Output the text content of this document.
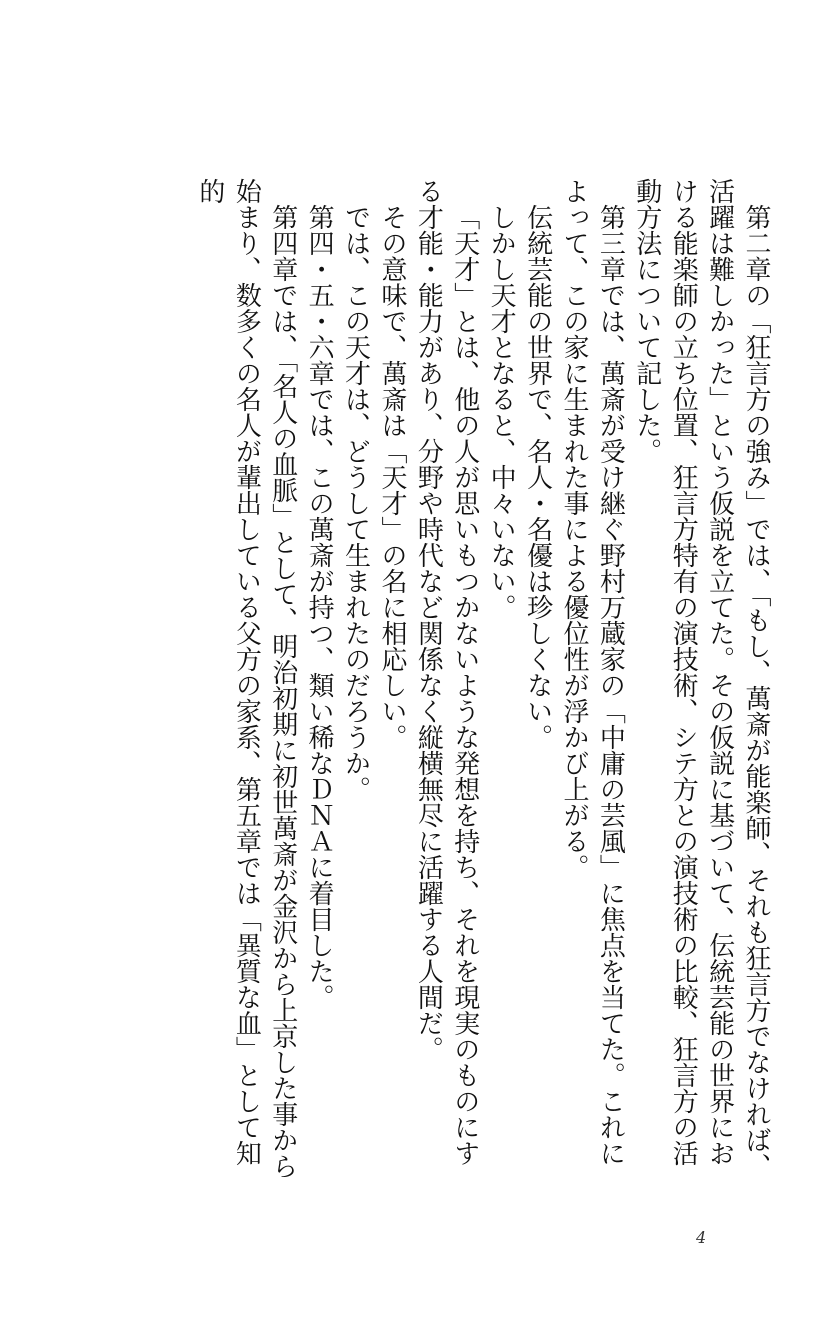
第二章の「狂言方の強み」では、「もし、萬斎が能楽師、それも狂言方でなければ、活躍は難しかった」という仮説を立てた。その仮説に基づいて、伝統芸能の世界における能楽師の立ち位置、狂言方特有の演技術、シテ方との演技術の比較、狂言方の活動方法について記した。

第三章では、萬斎が受け継ぐ野村万蔵家の「中庸の芸風」に焦点を当てた。これによって、この家に生まれた事による優位性が浮かび上がる。

伝統芸能の世界で、名人・名優は珍しくない。

しかし天才となると、中々いない。

「天才」とは、他の人が思いもつかないような発想を持ち、それを現実のものにする才能・能力があり、分野や時代など関係なく縦横無尽に活躍する人間だ。

その意味で、萬斎は「天才」の名に相応しい。

では、この天才は、どうして生まれたのだろうか。

第四・五・六章では、この萬斎が持つ、類い稀なＤＮＡに着目した。

第四章では、「名人の血脈」として、明治初期に初世萬斎が金沢から上京した事から始まり、数多くの名人が輩出している父方の家系、第五章では「異質な血」として知的

4
